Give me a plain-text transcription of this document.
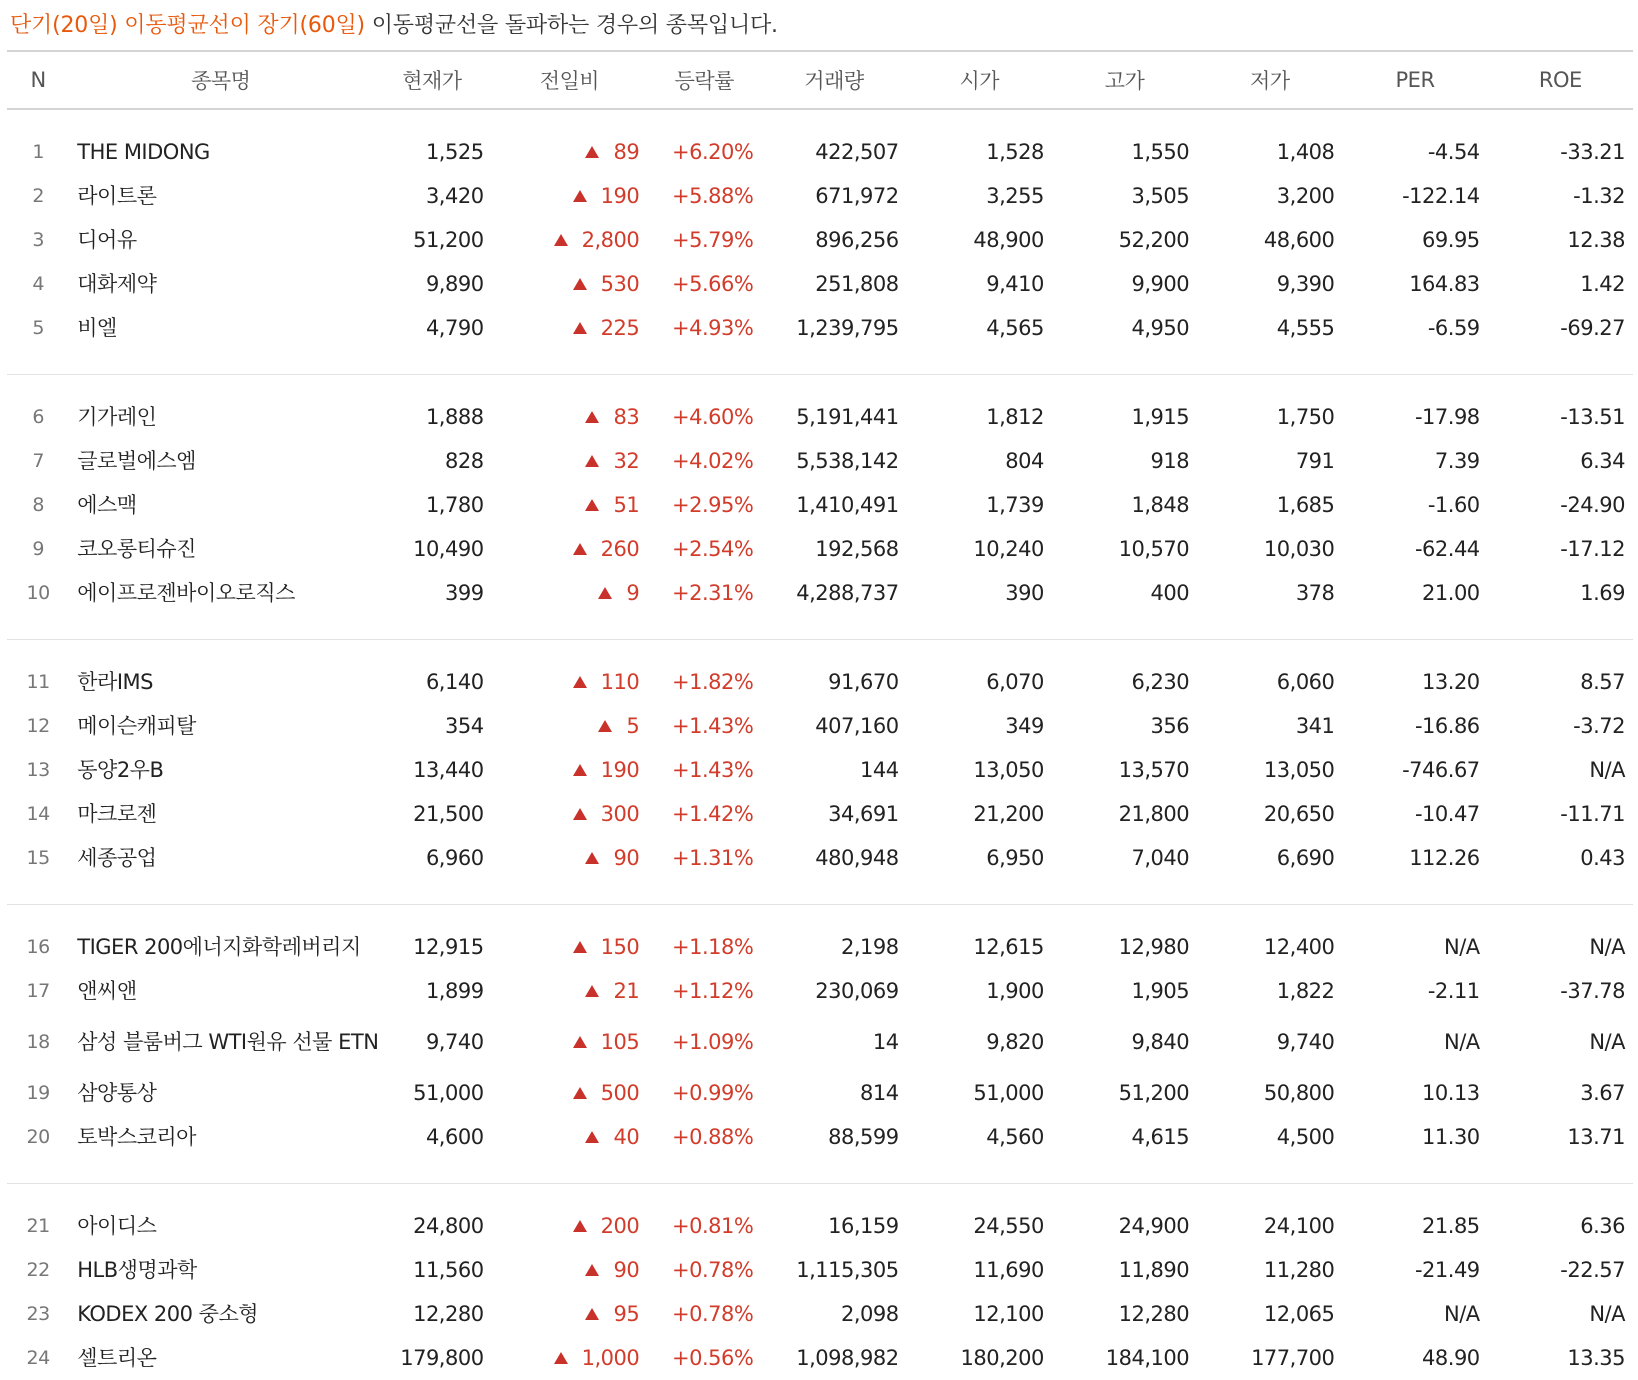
단기(20일) 이동평균선이 장기(60일) 이동평균선을 돌파하는 경우의 종목입니다.
N	종목명	현재가	전일비	등락률	거래량	시가	고가	저가	PER	ROE

1	THE MIDONG	1,525	89	+6.20%	422,507	1,528	1,550	1,408	-4.54	-33.21
2	라이트론	3,420	190	+5.88%	671,972	3,255	3,505	3,200	-122.14	-1.32
3	디어유	51,200	2,800	+5.79%	896,256	48,900	52,200	48,600	69.95	12.38
4	대화제약	9,890	530	+5.66%	251,808	9,410	9,900	9,390	164.83	1.42
5	비엘	4,790	225	+4.93%	1,239,795	4,565	4,950	4,555	-6.59	-69.27

6	기가레인	1,888	83	+4.60%	5,191,441	1,812	1,915	1,750	-17.98	-13.51
7	글로벌에스엠	828	32	+4.02%	5,538,142	804	918	791	7.39	6.34
8	에스맥	1,780	51	+2.95%	1,410,491	1,739	1,848	1,685	-1.60	-24.90
9	코오롱티슈진	10,490	260	+2.54%	192,568	10,240	10,570	10,030	-62.44	-17.12
10	에이프로젠바이오로직스	399	9	+2.31%	4,288,737	390	400	378	21.00	1.69

11	한라IMS	6,140	110	+1.82%	91,670	6,070	6,230	6,060	13.20	8.57
12	메이슨캐피탈	354	5	+1.43%	407,160	349	356	341	-16.86	-3.72
13	동양2우B	13,440	190	+1.43%	144	13,050	13,570	13,050	-746.67	N/A
14	마크로젠	21,500	300	+1.42%	34,691	21,200	21,800	20,650	-10.47	-11.71
15	세종공업	6,960	90	+1.31%	480,948	6,950	7,040	6,690	112.26	0.43

16	TIGER 200에너지화학레버리지	12,915	150	+1.18%	2,198	12,615	12,980	12,400	N/A	N/A
17	앤씨앤	1,899	21	+1.12%	230,069	1,900	1,905	1,822	-2.11	-37.78
18	삼성 블룸버그 WTI원유 선물 ETN	9,740	105	+1.09%	14	9,820	9,840	9,740	N/A	N/A
19	삼양통상	51,000	500	+0.99%	814	51,000	51,200	50,800	10.13	3.67
20	토박스코리아	4,600	40	+0.88%	88,599	4,560	4,615	4,500	11.30	13.71

21	아이디스	24,800	200	+0.81%	16,159	24,550	24,900	24,100	21.85	6.36
22	HLB생명과학	11,560	90	+0.78%	1,115,305	11,690	11,890	11,280	-21.49	-22.57
23	KODEX 200 중소형	12,280	95	+0.78%	2,098	12,100	12,280	12,065	N/A	N/A
24	셀트리온	179,800	1,000	+0.56%	1,098,982	180,200	184,100	177,700	48.90	13.35
